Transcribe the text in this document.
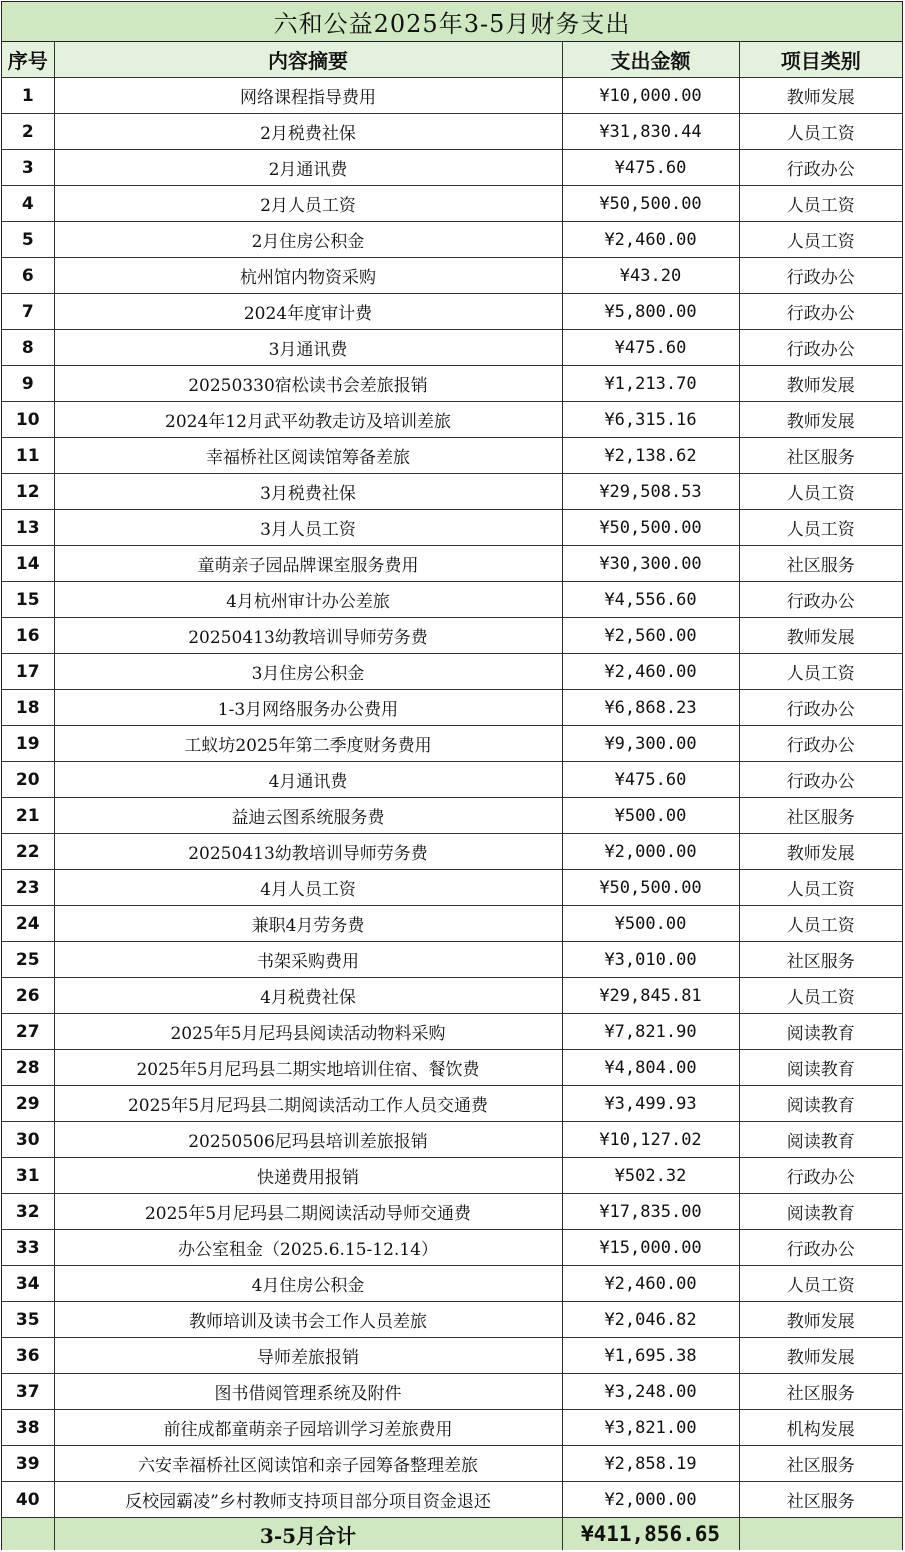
六和公益2025年3-5月财务支出
序号	内容摘要	支出金额	项目类别
1	网络课程指导费用	¥10,000.00	教师发展
2	2月税费社保	¥31,830.44	人员工资
3	2月通讯费	¥475.60	行政办公
4	2月人员工资	¥50,500.00	人员工资
5	2月住房公积金	¥2,460.00	人员工资
6	杭州馆内物资采购	¥43.20	行政办公
7	2024年度审计费	¥5,800.00	行政办公
8	3月通讯费	¥475.60	行政办公
9	20250330宿松读书会差旅报销	¥1,213.70	教师发展
10	2024年12月武平幼教走访及培训差旅	¥6,315.16	教师发展
11	幸福桥社区阅读馆筹备差旅	¥2,138.62	社区服务
12	3月税费社保	¥29,508.53	人员工资
13	3月人员工资	¥50,500.00	人员工资
14	童萌亲子园品牌课室服务费用	¥30,300.00	社区服务
15	4月杭州审计办公差旅	¥4,556.60	行政办公
16	20250413幼教培训导师劳务费	¥2,560.00	教师发展
17	3月住房公积金	¥2,460.00	人员工资
18	1-3月网络服务办公费用	¥6,868.23	行政办公
19	工蚁坊2025年第二季度财务费用	¥9,300.00	行政办公
20	4月通讯费	¥475.60	行政办公
21	益迪云图系统服务费	¥500.00	社区服务
22	20250413幼教培训导师劳务费	¥2,000.00	教师发展
23	4月人员工资	¥50,500.00	人员工资
24	兼职4月劳务费	¥500.00	人员工资
25	书架采购费用	¥3,010.00	社区服务
26	4月税费社保	¥29,845.81	人员工资
27	2025年5月尼玛县阅读活动物料采购	¥7,821.90	阅读教育
28	2025年5月尼玛县二期实地培训住宿、餐饮费	¥4,804.00	阅读教育
29	2025年5月尼玛县二期阅读活动工作人员交通费	¥3,499.93	阅读教育
30	20250506尼玛县培训差旅报销	¥10,127.02	阅读教育
31	快递费用报销	¥502.32	行政办公
32	2025年5月尼玛县二期阅读活动导师交通费	¥17,835.00	阅读教育
33	办公室租金（2025.6.15-12.14）	¥15,000.00	行政办公
34	4月住房公积金	¥2,460.00	人员工资
35	教师培训及读书会工作人员差旅	¥2,046.82	教师发展
36	导师差旅报销	¥1,695.38	教师发展
37	图书借阅管理系统及附件	¥3,248.00	社区服务
38	前往成都童萌亲子园培训学习差旅费用	¥3,821.00	机构发展
39	六安幸福桥社区阅读馆和亲子园筹备整理差旅	¥2,858.19	社区服务
40	反校园霸凌”乡村教师支持项目部分项目资金退还	¥2,000.00	社区服务
	3-5月合计	¥411,856.65	
